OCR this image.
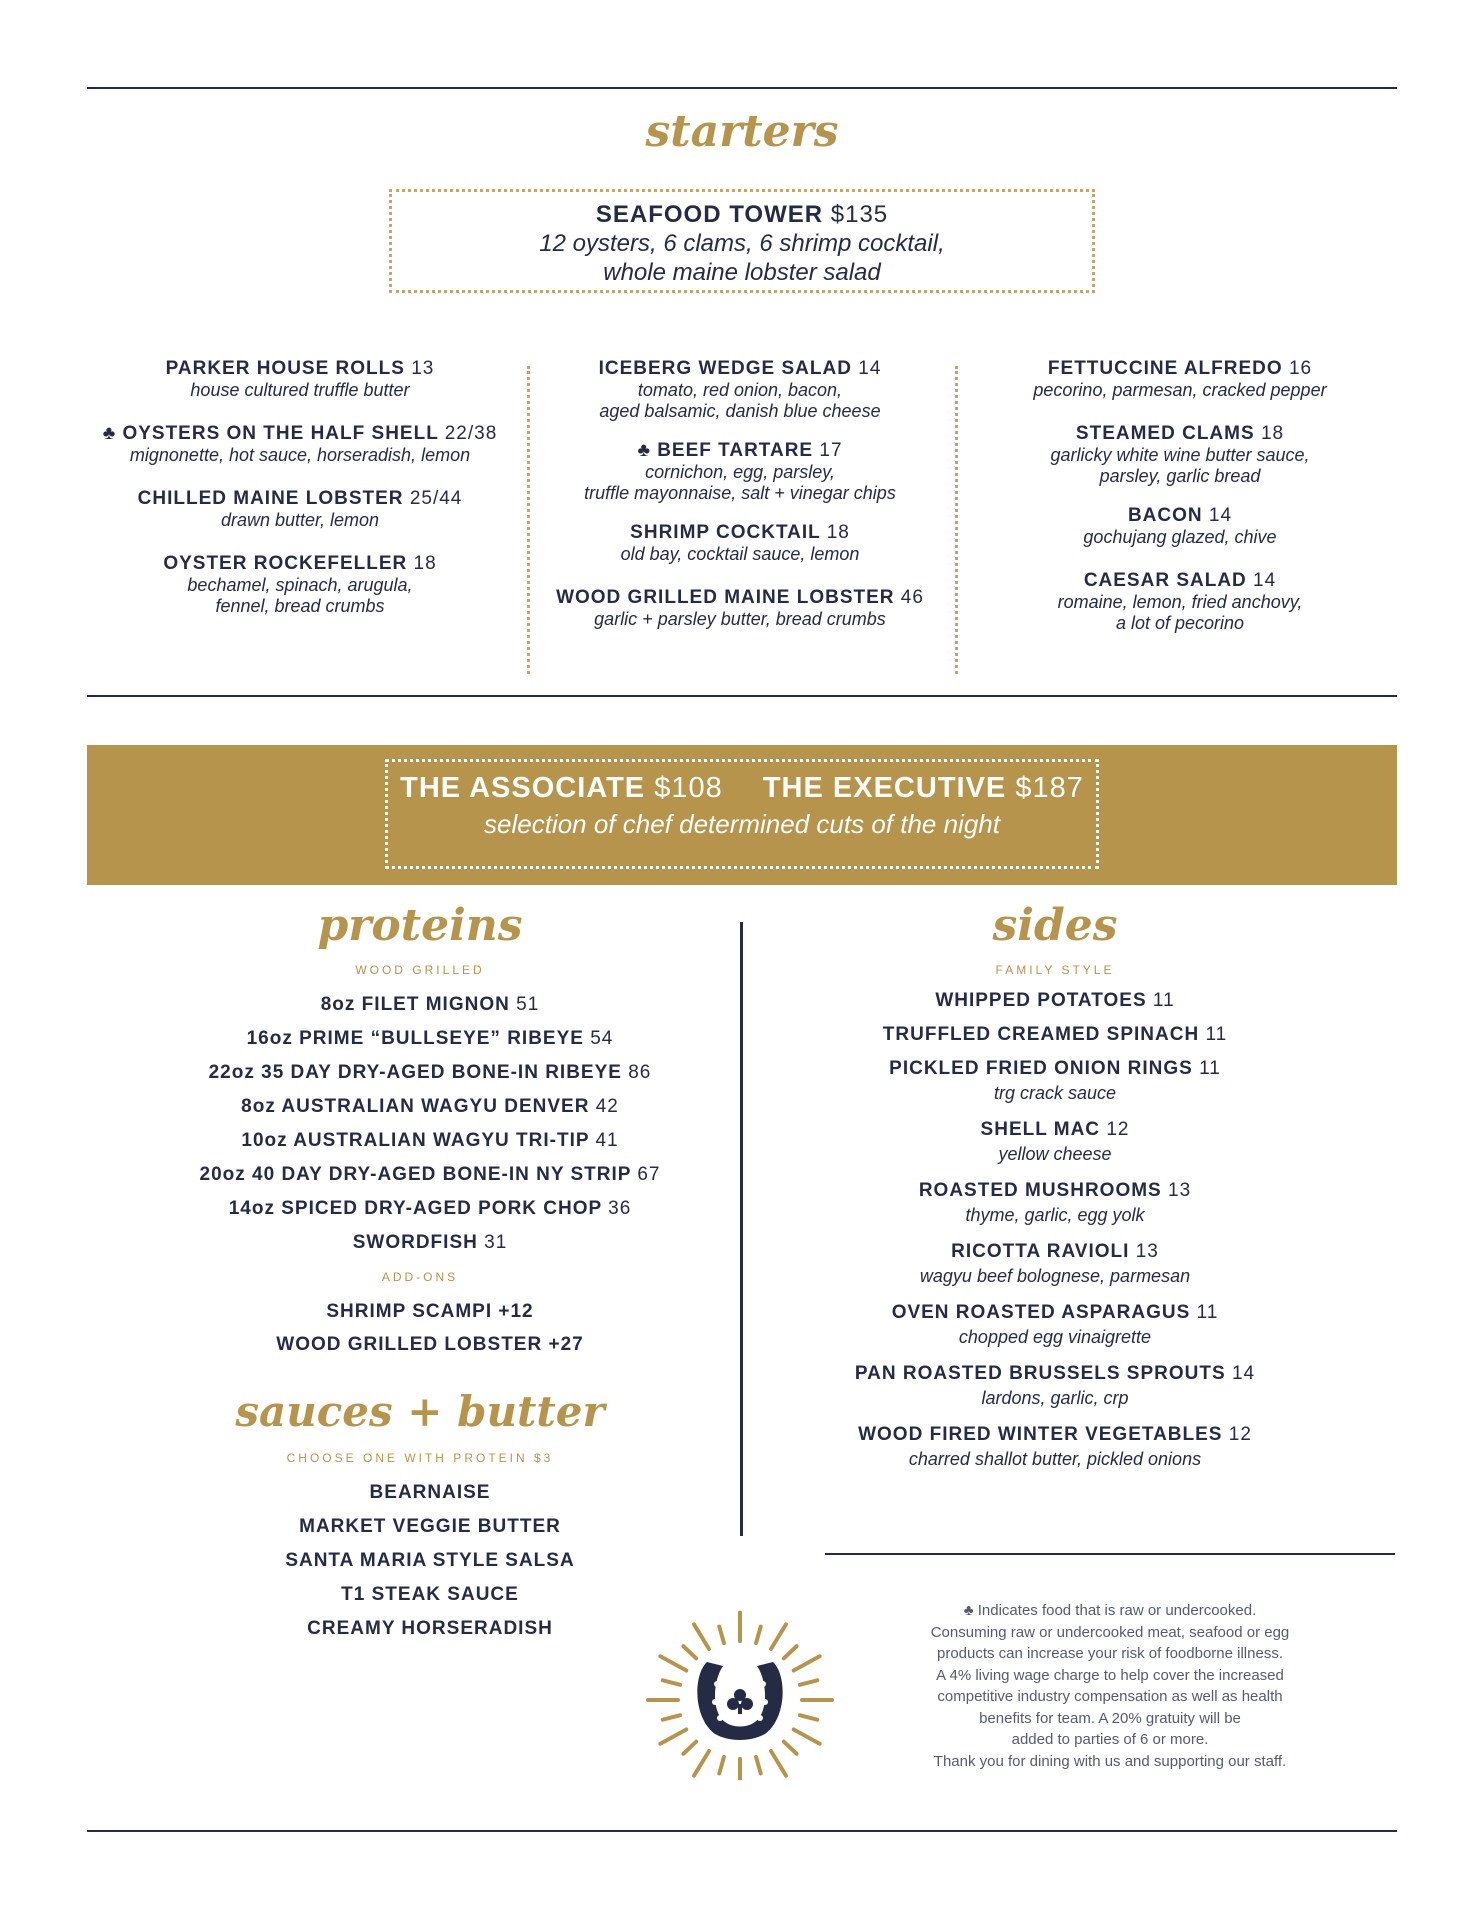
starters
SEAFOOD TOWER $135
12 oysters, 6 clams, 6 shrimp cocktail,
whole maine lobster salad
PARKER HOUSE ROLLS 13
house cultured truffle butter
♣ OYSTERS ON THE HALF SHELL 22/38
mignonette, hot sauce, horseradish, lemon
CHILLED MAINE LOBSTER 25/44
drawn butter, lemon
OYSTER ROCKEFELLER 18
bechamel, spinach, arugula,
fennel, bread crumbs
ICEBERG WEDGE SALAD 14
tomato, red onion, bacon,
aged balsamic, danish blue cheese
♣ BEEF TARTARE 17
cornichon, egg, parsley,
truffle mayonnaise, salt + vinegar chips
SHRIMP COCKTAIL 18
old bay, cocktail sauce, lemon
WOOD GRILLED MAINE LOBSTER 46
garlic + parsley butter, bread crumbs
FETTUCCINE ALFREDO 16
pecorino, parmesan, cracked pepper
STEAMED CLAMS 18
garlicky white wine butter sauce,
parsley, garlic bread
BACON 14
gochujang glazed, chive
CAESAR SALAD 14
romaine, lemon, fried anchovy,
a lot of pecorino
THE ASSOCIATE $108 THE EXECUTIVE $187
selection of chef determined cuts of the night
proteins
WOOD GRILLED
8oz FILET MIGNON 51
16oz PRIME “BULLSEYE” RIBEYE 54
22oz 35 DAY DRY-AGED BONE-IN RIBEYE 86
8oz AUSTRALIAN WAGYU DENVER 42
10oz AUSTRALIAN WAGYU TRI-TIP 41
20oz 40 DAY DRY-AGED BONE-IN NY STRIP 67
14oz SPICED DRY-AGED PORK CHOP 36
SWORDFISH 31
ADD-ONS
SHRIMP SCAMPI +12
WOOD GRILLED LOBSTER +27
sauces + butter
CHOOSE ONE WITH PROTEIN $3
BEARNAISE
MARKET VEGGIE BUTTER
SANTA MARIA STYLE SALSA
T1 STEAK SAUCE
CREAMY HORSERADISH
sides
FAMILY STYLE
WHIPPED POTATOES 11
TRUFFLED CREAMED SPINACH 11
PICKLED FRIED ONION RINGS 11
trg crack sauce
SHELL MAC 12
yellow cheese
ROASTED MUSHROOMS 13
thyme, garlic, egg yolk
RICOTTA RAVIOLI 13
wagyu beef bolognese, parmesan
OVEN ROASTED ASPARAGUS 11
chopped egg vinaigrette
PAN ROASTED BRUSSELS SPROUTS 14
lardons, garlic, crp
WOOD FIRED WINTER VEGETABLES 12
charred shallot butter, pickled onions
♣ Indicates food that is raw or undercooked.
Consuming raw or undercooked meat, seafood or egg
products can increase your risk of foodborne illness.
A 4% living wage charge to help cover the increased
competitive industry compensation as well as health
benefits for team. A 20% gratuity will be
added to parties of 6 or more.
Thank you for dining with us and supporting our staff.
